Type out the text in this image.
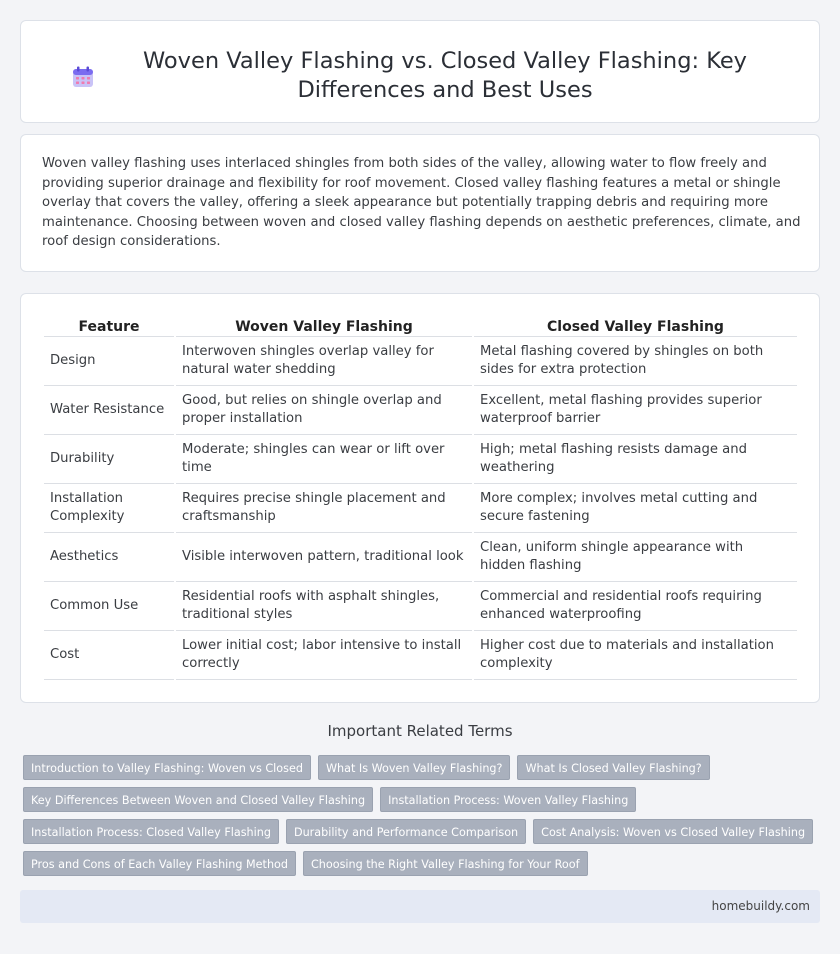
Woven Valley Flashing vs. Closed Valley Flashing: Key Differences and Best Uses

Woven valley flashing uses interlaced shingles from both sides of the valley, allowing water to flow freely and providing superior drainage and flexibility for roof movement. Closed valley flashing features a metal or shingle overlay that covers the valley, offering a sleek appearance but potentially trapping debris and requiring more maintenance. Choosing between woven and closed valley flashing depends on aesthetic preferences, climate, and roof design considerations.

Feature	Woven Valley Flashing	Closed Valley Flashing
Design	Interwoven shingles overlap valley for natural water shedding	Metal flashing covered by shingles on both sides for extra protection
Water Resistance	Good, but relies on shingle overlap and proper installation	Excellent, metal flashing provides superior waterproof barrier
Durability	Moderate; shingles can wear or lift over time	High; metal flashing resists damage and weathering
Installation Complexity	Requires precise shingle placement and craftsmanship	More complex; involves metal cutting and secure fastening
Aesthetics	Visible interwoven pattern, traditional look	Clean, uniform shingle appearance with hidden flashing
Common Use	Residential roofs with asphalt shingles, traditional styles	Commercial and residential roofs requiring enhanced waterproofing
Cost	Lower initial cost; labor intensive to install correctly	Higher cost due to materials and installation complexity
Important Related Terms
Introduction to Valley Flashing: Woven vs Closed	What Is Woven Valley Flashing?	What Is Closed Valley Flashing?
Key Differences Between Woven and Closed Valley Flashing	Installation Process: Woven Valley Flashing
Installation Process: Closed Valley Flashing	Durability and Performance Comparison	Cost Analysis: Woven vs Closed Valley Flashing
Pros and Cons of Each Valley Flashing Method	Choosing the Right Valley Flashing for Your Roof
homebuildy.com
